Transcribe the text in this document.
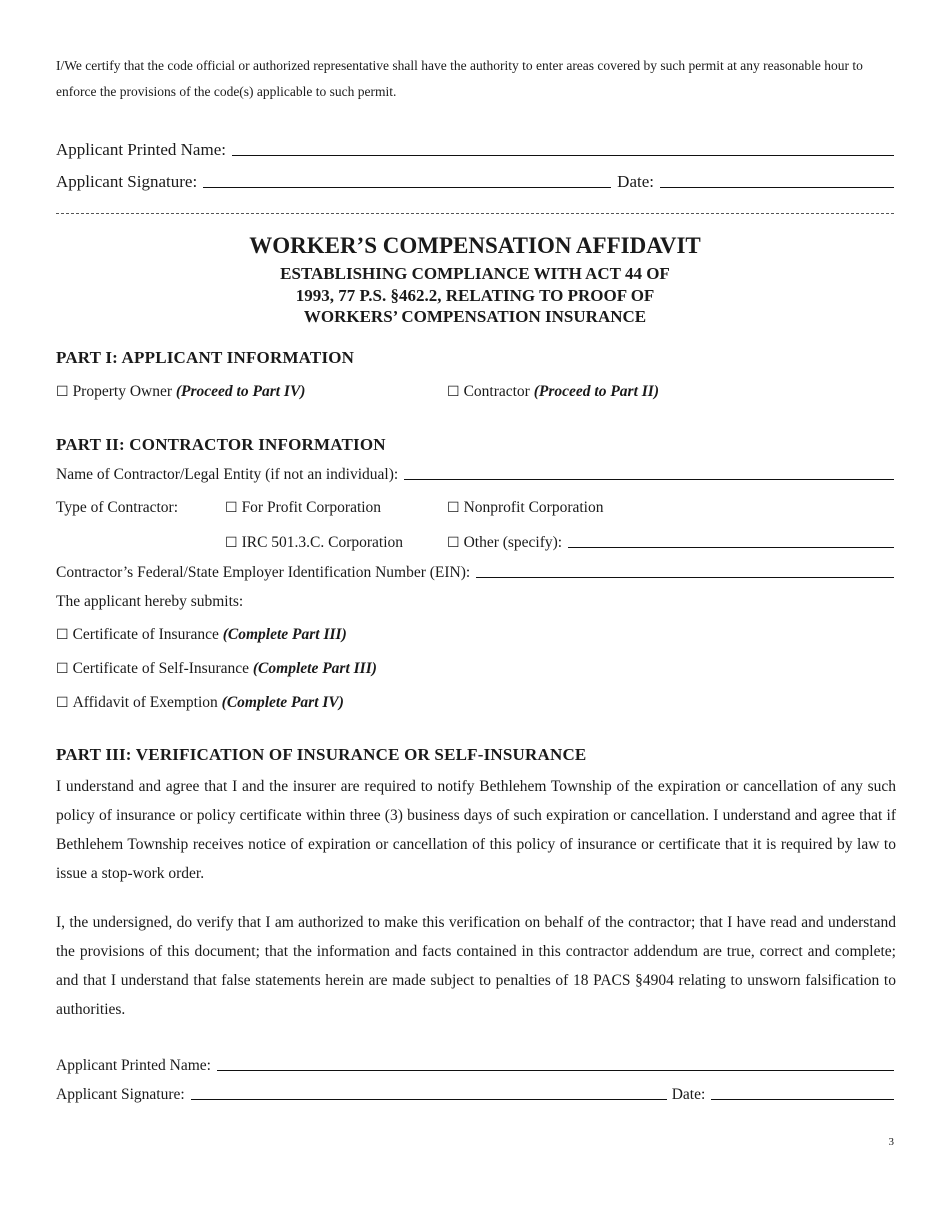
I/We certify that the code official or authorized representative shall have the authority to enter areas covered by such permit at any reasonable hour to enforce the provisions of the code(s) applicable to such permit.
Applicant Printed Name:
Applicant Signature:	Date:
WORKER’S COMPENSATION AFFIDAVIT
ESTABLISHING COMPLIANCE WITH ACT 44 OF
1993, 77 P.S. §462.2, RELATING TO PROOF OF
WORKERS’ COMPENSATION INSURANCE
PART I: APPLICANT INFORMATION
☐ Property Owner (Proceed to Part IV)	☐ Contractor (Proceed to Part II)
PART II: CONTRACTOR INFORMATION
Name of Contractor/Legal Entity (if not an individual):
Type of Contractor:	☐ For Profit Corporation	☐ Nonprofit Corporation
☐ IRC 501.3.C. Corporation	☐ Other (specify):
Contractor’s Federal/State Employer Identification Number (EIN):
The applicant hereby submits:
☐ Certificate of Insurance (Complete Part III)
☐ Certificate of Self-Insurance (Complete Part III)
☐ Affidavit of Exemption (Complete Part IV)
PART III: VERIFICATION OF INSURANCE OR SELF-INSURANCE
I understand and agree that I and the insurer are required to notify Bethlehem Township of the expiration or cancellation of any such policy of insurance or policy certificate within three (3) business days of such expiration or cancellation. I understand and agree that if Bethlehem Township receives notice of expiration or cancellation of this policy of insurance or certificate that it is required by law to issue a stop-work order.
I, the undersigned, do verify that I am authorized to make this verification on behalf of the contractor; that I have read and understand the provisions of this document; that the information and facts contained in this contractor addendum are true, correct and complete; and that I understand that false statements herein are made subject to penalties of 18 PACS §4904 relating to unsworn falsification to authorities.
Applicant Printed Name:
Applicant Signature:	Date:
3
